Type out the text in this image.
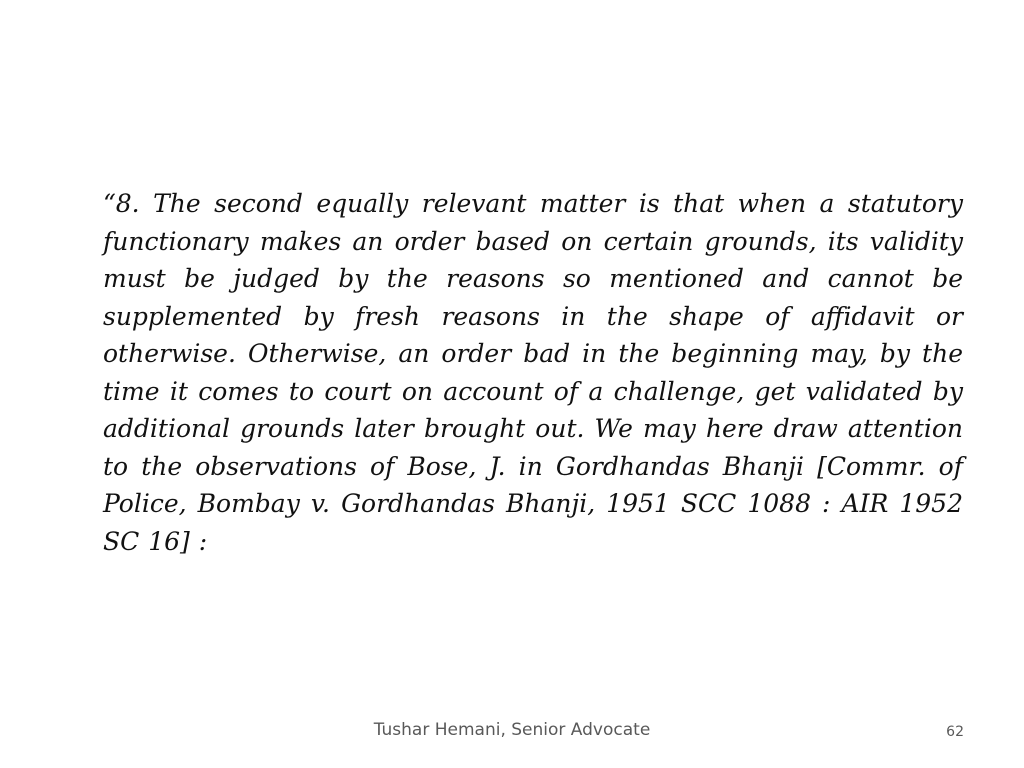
“8. The second equally relevant matter is that when a statutory functionary makes an order based on certain grounds, its validity must be judged by the reasons so mentioned and cannot be supplemented by fresh reasons in the shape of affidavit or otherwise. Otherwise, an order bad in the beginning may, by the time it comes to court on account of a challenge, get validated by additional grounds later brought out. We may here draw attention to the observations of Bose, J. in Gordhandas Bhanji [Commr. of Police, Bombay v. Gordhandas Bhanji, 1951 SCC 1088 : AIR 1952 SC 16] :

Tushar Hemani, Senior Advocate	62
